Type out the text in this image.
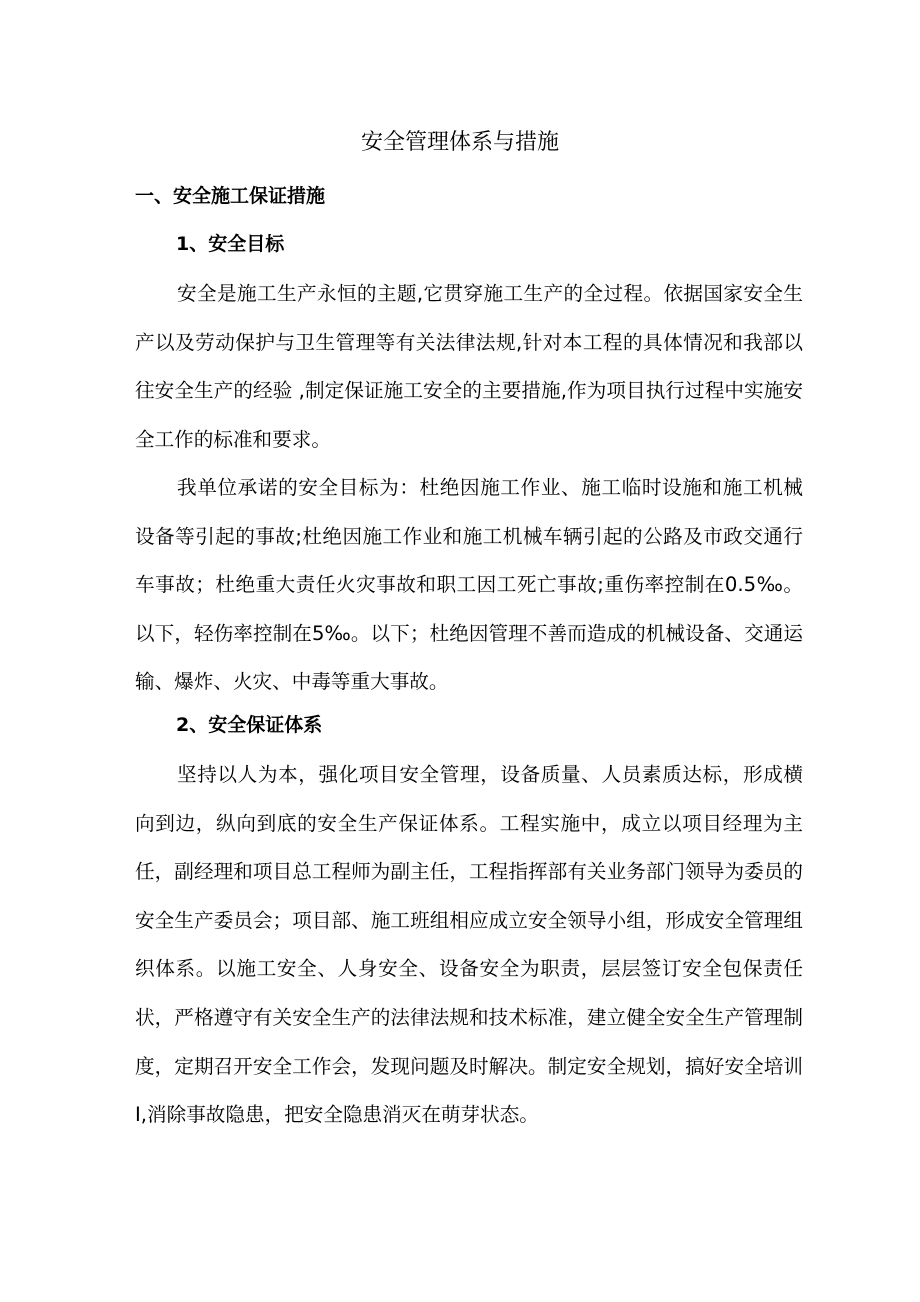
安全管理体系与措施
一、安全施工保证措施
1、安全目标

安全是施工生产永恒的主题,它贯穿施工生产的全过程。依据国家安全生产以及劳动保护与卫生管理等有关法律法规,针对本工程的具体情况和我部以往安全生产的经验 ,制定保证施工安全的主要措施,作为项目执行过程中实施安全工作的标准和要求。

我单位承诺的安全目标为：杜绝因施工作业、施工临时设施和施工机械设备等引起的事故;杜绝因施工作业和施工机械车辆引起的公路及市政交通行车事故；杜绝重大责任火灾事故和职工因工死亡事故;重伤率控制在0.5‰。以下，轻伤率控制在5‰。以下；杜绝因管理不善而造成的机械设备、交通运输、爆炸、火灾、中毒等重大事故。

2、安全保证体系

坚持以人为本，强化项目安全管理，设备质量、人员素质达标，形成横向到边，纵向到底的安全生产保证体系。工程实施中，成立以项目经理为主任，副经理和项目总工程师为副主任，工程指挥部有关业务部门领导为委员的安全生产委员会；项目部、施工班组相应成立安全领导小组，形成安全管理组织体系。以施工安全、人身安全、设备安全为职责，层层签订安全包保责任状，严格遵守有关安全生产的法律法规和技术标准，建立健全安全生产管理制度，定期召开安全工作会，发现问题及时解决。制定安全规划，搞好安全培训Ⅰ,消除事故隐患，把安全隐患消灭在萌芽状态。
